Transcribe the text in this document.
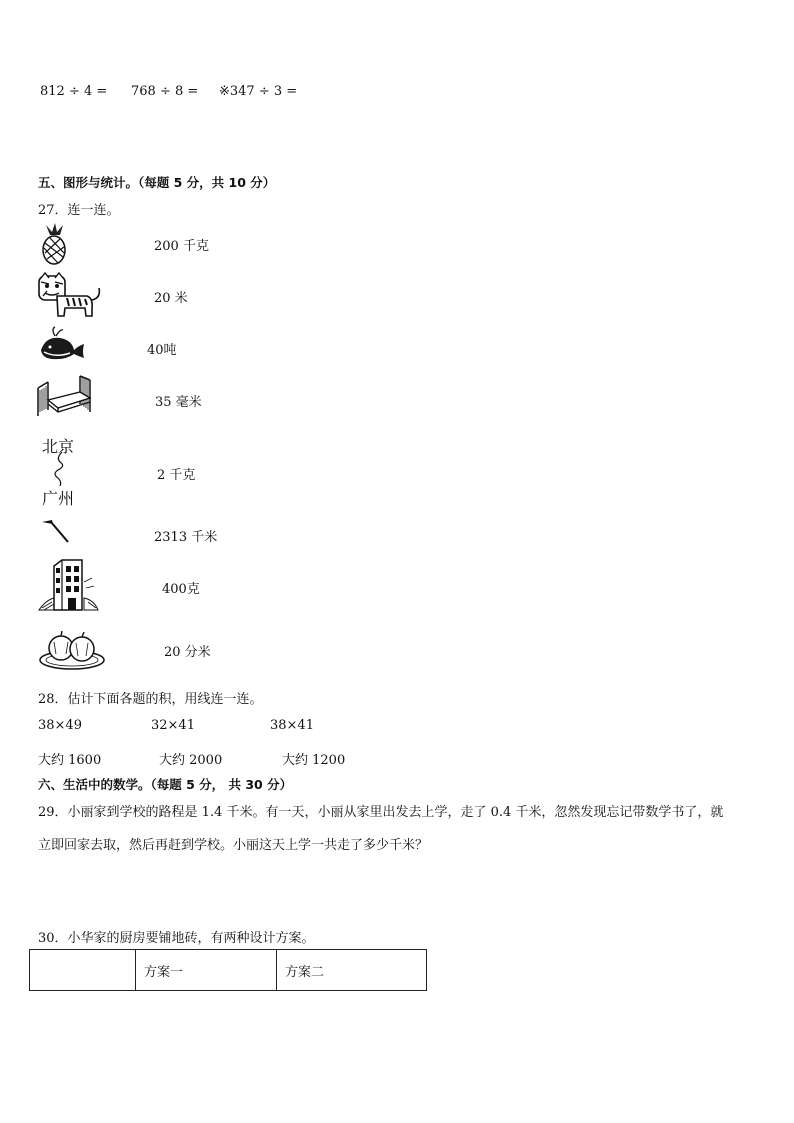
812 ÷ 4 = 768 ÷ 8 = ※347 ÷ 3 =
五、图形与统计。（每题 5 分，共 10 分）
27．连一连。
北京
广州
200 千克
20 米
40吨
35 毫米
2 千克
2313 千米
400克
20 分米
28．估计下面各题的积，用线连一连。
38×49	32×41	38×41
大约 1600	大约 2000	大约 1200
六、生活中的数学。（每题 5 分， 共 30 分）
29．小丽家到学校的路程是 1.4 千米。有一天，小丽从家里出发去上学，走了 0.4 千米，忽然发现忘记带数学书了，就
立即回家去取，然后再赶到学校。小丽这天上学一共走了多少千米？
30．小华家的厨房要铺地砖，有两种设计方案。
	方案一	方案二
